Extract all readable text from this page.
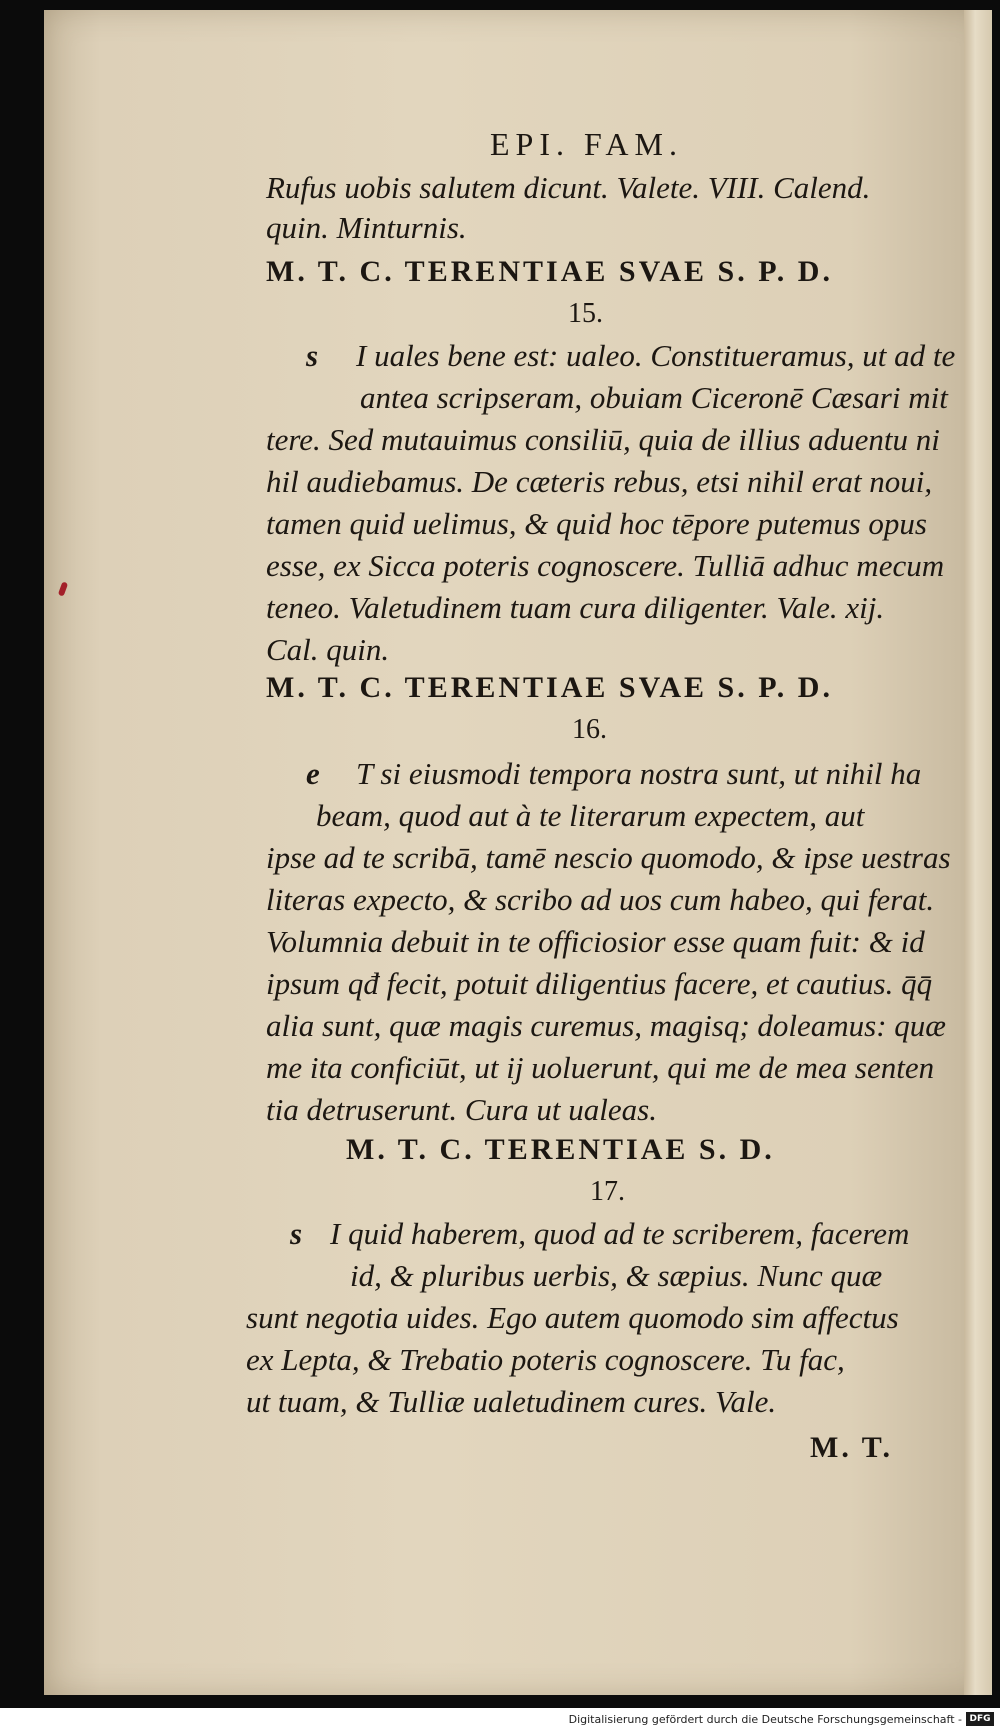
EPI. FAM.
Rufus uobis salutem dicunt. Valete. VIII. Calend.
quin. Minturnis.
M. T. C. TERENTIAE SVAE S. P. D.
15.
s I uales bene est: ualeo. Constitueramus, ut ad te
antea scripseram, obuiam Ciceronē Cæsari mit
tere. Sed mutauimus consiliū, quia de illius aduentu ni
hil audiebamus. De cæteris rebus, etsi nihil erat noui,
tamen quid uelimus, & quid hoc tēpore putemus opus
esse, ex Sicca poteris cognoscere. Tulliā adhuc mecum
teneo. Valetudinem tuam cura diligenter. Vale. xij.
Cal. quin.
M. T. C. TERENTIAE SVAE S. P. D.
16.
e T si eiusmodi tempora nostra sunt, ut nihil ha
beam, quod aut à te literarum expectem, aut
ipse ad te scribā, tamē nescio quomodo, & ipse uestras
literas expecto, & scribo ad uos cum habeo, qui ferat.
Volumnia debuit in te officiosior esse quam fuit: & id
ipsum qđ fecit, potuit diligentius facere, et cautius. q̄q̄
alia sunt, quæ magis curemus, magisq; doleamus: quæ
me ita conficiūt, ut ij uoluerunt, qui me de mea senten
tia detruserunt. Cura ut ualeas.
M. T. C. TERENTIAE S. D.
17.
s I quid haberem, quod ad te scriberem, facerem
id, & pluribus uerbis, & sæpius. Nunc quæ
sunt negotia uides. Ego autem quomodo sim affectus
ex Lepta, & Trebatio poteris cognoscere. Tu fac,
ut tuam, & Tulliæ ualetudinem cures. Vale.
M. T.
Digitalisierung gefördert durch die Deutsche Forschungsgemeinschaft - DFG
